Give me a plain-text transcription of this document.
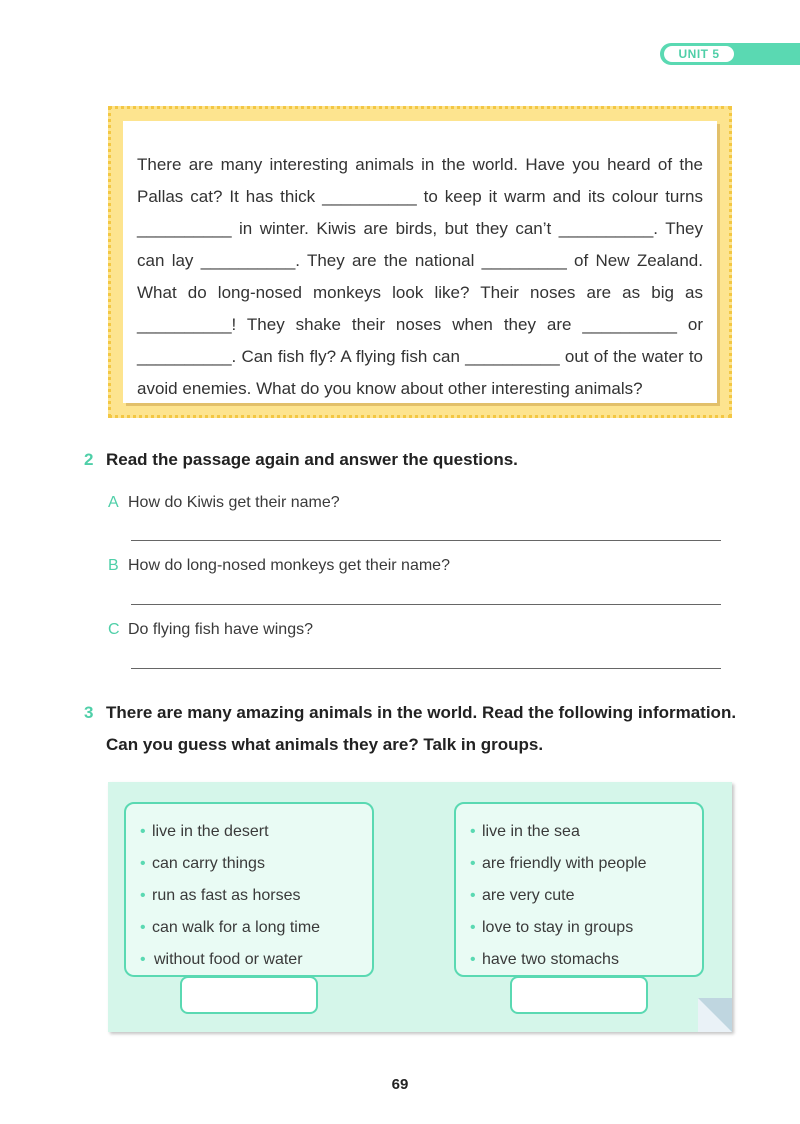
UNIT 5
There are many interesting animals in the world. Have you heard of the Pallas cat? It has thick __________ to keep it warm and its colour turns __________ in winter. Kiwis are birds, but they can’t __________. They can lay __________. They are the national _________ of New Zealand. What do long-nosed monkeys look like? Their noses are as big as __________! They shake their noses when they are __________ or __________. Can fish fly? A flying fish can __________ out of the water to avoid enemies. What do you know about other interesting animals?
2 Read the passage again and answer the questions.
A How do Kiwis get their name?
B How do long-nosed monkeys get their name?
C Do flying fish have wings?
3 There are many amazing animals in the world. Read the following information.
Can you guess what animals they are? Talk in groups.
• live in the desert
• can carry things
• run as fast as horses
• can walk for a long time
• without food or water
• live in the sea
• are friendly with people
• are very cute
• love to stay in groups
• have two stomachs
69
